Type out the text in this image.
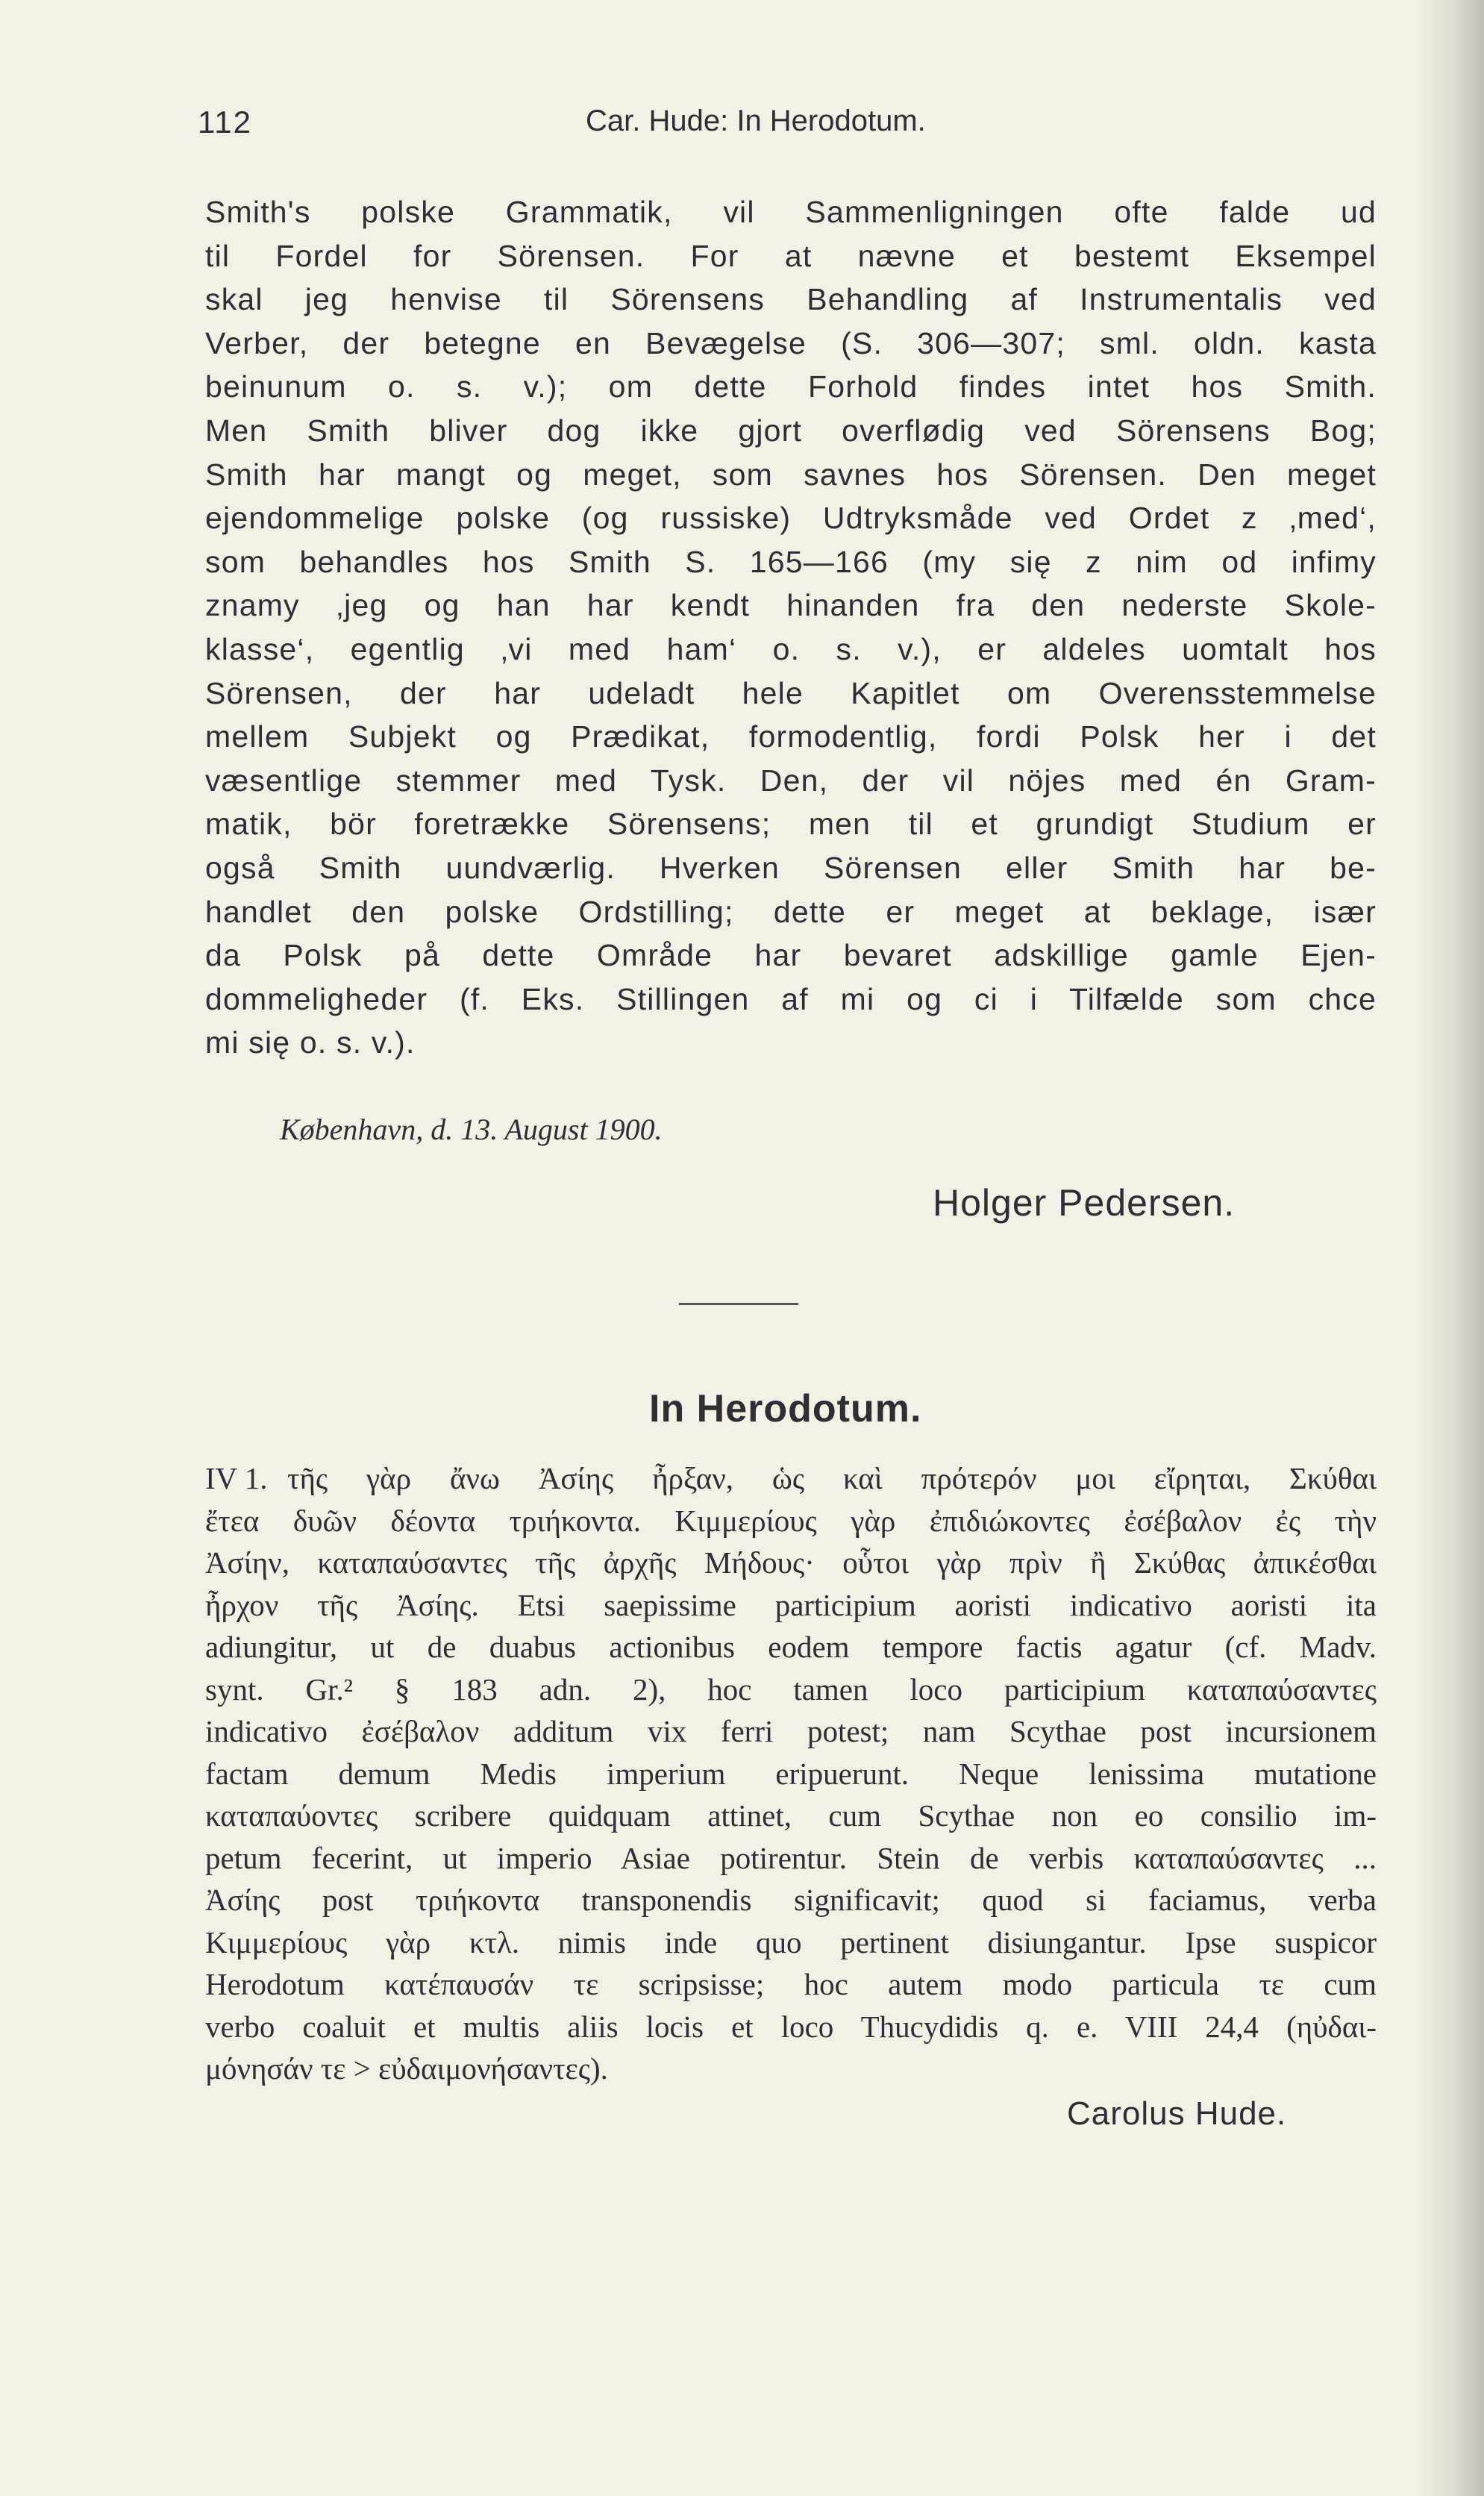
112	Car. Hude: In Herodotum.
Smith's polske Grammatik, vil Sammenligningen ofte falde ud
til Fordel for Sörensen. For at nævne et bestemt Eksempel
skal jeg henvise til Sörensens Behandling af Instrumentalis ved
Verber, der betegne en Bevægelse (S. 306—307; sml. oldn. kasta
beinunum o. s. v.); om dette Forhold findes intet hos Smith.
Men Smith bliver dog ikke gjort overflødig ved Sörensens Bog;
Smith har mangt og meget, som savnes hos Sörensen. Den meget
ejendommelige polske (og russiske) Udtryksmåde ved Ordet z ‚med‘,
som behandles hos Smith S. 165—166 (my się z nim od infimy
znamy ‚jeg og han har kendt hinanden fra den nederste Skole-
klasse‘, egentlig ‚vi med ham‘ o. s. v.), er aldeles uomtalt hos
Sörensen, der har udeladt hele Kapitlet om Overensstemmelse
mellem Subjekt og Prædikat, formodentlig, fordi Polsk her i det
væsentlige stemmer med Tysk. Den, der vil nöjes med én Gram-
matik, bör foretrække Sörensens; men til et grundigt Studium er
også Smith uundværlig. Hverken Sörensen eller Smith har be-
handlet den polske Ordstilling; dette er meget at beklage, især
da Polsk på dette Område har bevaret adskillige gamle Ejen-
dommeligheder (f. Eks. Stillingen af mi og ci i Tilfælde som chce
mi się o. s. v.).
København, d. 13. August 1900.
Holger Pedersen.
In Herodotum.
IV 1. τῆς γὰρ ἄνω Ἀσίης ἦρξαν, ὡς καὶ πρότερόν μοι εἴρηται, Σκύθαι
ἔτεα δυῶν δέοντα τριήκοντα. Κιμμερίους γὰρ ἐπιδιώκοντες ἐσέβαλον ἐς τὴν
Ἀσίην, καταπαύσαντες τῆς ἀρχῆς Μήδους· οὗτοι γὰρ πρὶν ἢ Σκύθας ἀπικέσθαι
ἦρχον τῆς Ἀσίης. Etsi saepissime participium aoristi indicativo aoristi ita
adiungitur, ut de duabus actionibus eodem tempore factis agatur (cf. Madv.
synt. Gr.² § 183 adn. 2), hoc tamen loco participium καταπαύσαντες
indicativo ἐσέβαλον additum vix ferri potest; nam Scythae post incursionem
factam demum Medis imperium eripuerunt. Neque lenissima mutatione
καταπαύοντες scribere quidquam attinet, cum Scythae non eo consilio im-
petum fecerint, ut imperio Asiae potirentur. Stein de verbis καταπαύσαντες ...
Ἀσίης post τριήκοντα transponendis significavit; quod si faciamus, verba
Κιμμερίους γὰρ κτλ. nimis inde quo pertinent disiungantur. Ipse suspicor
Herodotum κατέπαυσάν τε scripsisse; hoc autem modo particula τε cum
verbo coaluit et multis aliis locis et loco Thucydidis q. e. VIII 24,4 (ηὐδαι-
μόνησάν τε > εὐδαιμονήσαντες).
Carolus Hude.
